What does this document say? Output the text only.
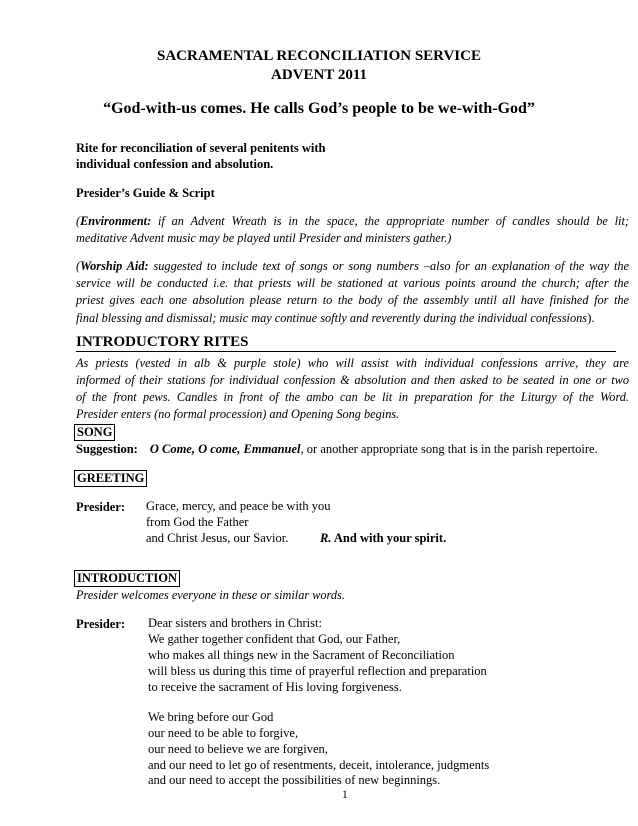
SACRAMENTAL RECONCILIATION SERVICE
ADVENT 2011
“God-with-us comes. He calls God’s people to be we-with-God”
Rite for reconciliation of several penitents with
individual confession and absolution.
Presider’s Guide & Script
(Environment: if an Advent Wreath is in the space, the appropriate number of candles should be lit;
meditative Advent music may be played until Presider and ministers gather.)
(Worship Aid: suggested to include text of songs or song numbers –also for an explanation of the way the
service will be conducted i.e. that priests will be stationed at various points around the church; after the
priest gives each one absolution please return to the body of the assembly until all have finished for the
final blessing and dismissal; music may continue softly and reverently during the individual confessions).
INTRODUCTORY RITES
As priests (vested in alb & purple stole) who will assist with individual confessions arrive, they are
informed of their stations for individual confession & absolution and then asked to be seated in one or two
of the front pews. Candles in front of the ambo can be lit in preparation for the Liturgy of the Word.
Presider enters (no formal procession) and Opening Song begins.
SONG
Suggestion: O Come, O come, Emmanuel, or another appropriate song that is in the parish repertoire.
GREETING
Presider: Grace, mercy, and peace be with you
from God the Father
and Christ Jesus, our Savior.	R. And with your spirit.
INTRODUCTION
Presider welcomes everyone in these or similar words.
Presider: Dear sisters and brothers in Christ:
We gather together confident that God, our Father,
who makes all things new in the Sacrament of Reconciliation
will bless us during this time of prayerful reflection and preparation
to receive the sacrament of His loving forgiveness.
We bring before our God
our need to be able to forgive,
our need to believe we are forgiven,
and our need to let go of resentments, deceit, intolerance, judgments
and our need to accept the possibilities of new beginnings.
1
